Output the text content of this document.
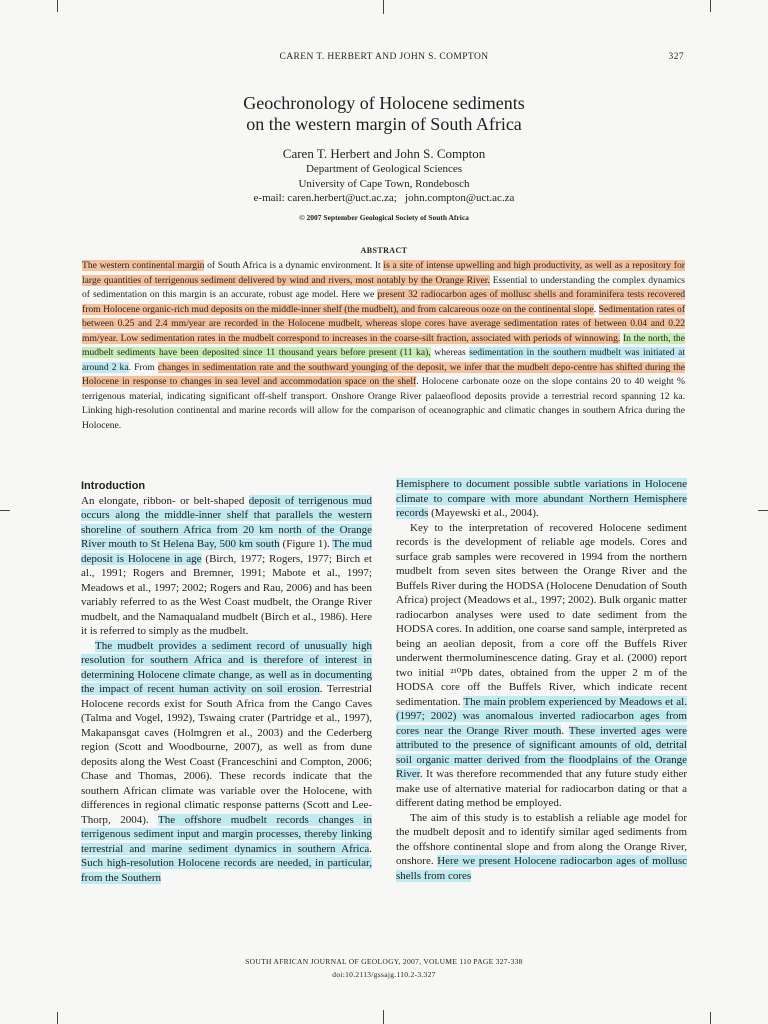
CAREN T. HERBERT AND JOHN S. COMPTON	327
Geochronology of Holocene sediments
on the western margin of South Africa
Caren T. Herbert and John S. Compton
Department of Geological Sciences
University of Cape Town, Rondebosch
e-mail: caren.herbert@uct.ac.za;   john.compton@uct.ac.za
© 2007 September Geological Society of South Africa
ABSTRACT
The western continental margin of South Africa is a dynamic environment. It is a site of intense upwelling and high productivity, as well as a repository for large quantities of terrigenous sediment delivered by wind and rivers, most notably by the Orange River. Essential to understanding the complex dynamics of sedimentation on this margin is an accurate, robust age model. Here we present 32 radiocarbon ages of mollusc shells and foraminifera tests recovered from Holocene organic-rich mud deposits on the middle-inner shelf (the mudbelt), and from calcareous ooze on the continental slope. Sedimentation rates of between 0.25 and 2.4 mm/year are recorded in the Holocene mudbelt, whereas slope cores have average sedimentation rates of between 0.04 and 0.22 mm/year. Low sedimentation rates in the mudbelt correspond to increases in the coarse-silt fraction, associated with periods of winnowing. In the north, the mudbelt sediments have been deposited since 11 thousand years before present (11 ka), whereas sedimentation in the southern mudbelt was initiated at around 2 ka. From changes in sedimentation rate and the southward younging of the deposit, we infer that the mudbelt depo-centre has shifted during the Holocene in response to changes in sea level and accommodation space on the shelf. Holocene carbonate ooze on the slope contains 20 to 40 weight % terrigenous material, indicating significant off-shelf transport. Onshore Orange River palaeoflood deposits provide a terrestrial record spanning 12 ka. Linking high-resolution continental and marine records will allow for the comparison of oceanographic and climatic changes in southern Africa during the Holocene.

Introduction

An elongate, ribbon- or belt-shaped deposit of terrigenous mud occurs along the middle-inner shelf that parallels the western shoreline of southern Africa from 20 km north of the Orange River mouth to St Helena Bay, 500 km south (Figure 1). The mud deposit is Holocene in age (Birch, 1977; Rogers, 1977; Birch et al., 1991; Rogers and Bremner, 1991; Mabote et al., 1997; Meadows et al., 1997; 2002; Rogers and Rau, 2006) and has been variably referred to as the West Coast mudbelt, the Orange River mudbelt, and the Namaqualand mudbelt (Birch et al., 1986). Here it is referred to simply as the mudbelt.

The mudbelt provides a sediment record of unusually high resolution for southern Africa and is therefore of interest in determining Holocene climate change, as well as in documenting the impact of recent human activity on soil erosion. Terrestrial Holocene records exist for South Africa from the Cango Caves (Talma and Vogel, 1992), Tswaing crater (Partridge et al., 1997), Makapansgat caves (Holmgren et al., 2003) and the Cederberg region (Scott and Woodbourne, 2007), as well as from dune deposits along the West Coast (Franceschini and Compton, 2006; Chase and Thomas, 2006). These records indicate that the southern African climate was variable over the Holocene, with differences in regional climatic response patterns (Scott and Lee-Thorp, 2004). The offshore mudbelt records changes in terrigenous sediment input and margin processes, thereby linking terrestrial and marine sediment dynamics in southern Africa. Such high-resolution Holocene records are needed, in particular, from the Southern

Hemisphere to document possible subtle variations in Holocene climate to compare with more abundant Northern Hemisphere records (Mayewski et al., 2004).

Key to the interpretation of recovered Holocene sediment records is the development of reliable age models. Cores and surface grab samples were recovered in 1994 from the northern mudbelt from seven sites between the Orange River and the Buffels River during the HODSA (Holocene Denudation of South Africa) project (Meadows et al., 1997; 2002). Bulk organic matter radiocarbon analyses were used to date sediment from the HODSA cores. In addition, one coarse sand sample, interpreted as being an aeolian deposit, from a core off the Buffels River underwent thermoluminescence dating. Gray et al. (2000) report two initial ²¹⁰Pb dates, obtained from the upper 2 m of the HODSA core off the Buffels River, which indicate recent sedimentation. The main problem experienced by Meadows et al. (1997; 2002) was anomalous inverted radiocarbon ages from cores near the Orange River mouth. These inverted ages were attributed to the presence of significant amounts of old, detrital soil organic matter derived from the floodplains of the Orange River. It was therefore recommended that any future study either make use of alternative material for radiocarbon dating or that a different dating method be employed.

The aim of this study is to establish a reliable age model for the mudbelt deposit and to identify similar aged sediments from the offshore continental slope and from along the Orange River, onshore. Here we present Holocene radiocarbon ages of mollusc shells from cores

SOUTH AFRICAN JOURNAL OF GEOLOGY, 2007, VOLUME 110 PAGE 327-338
doi:10.2113/gssajg.110.2-3.327
